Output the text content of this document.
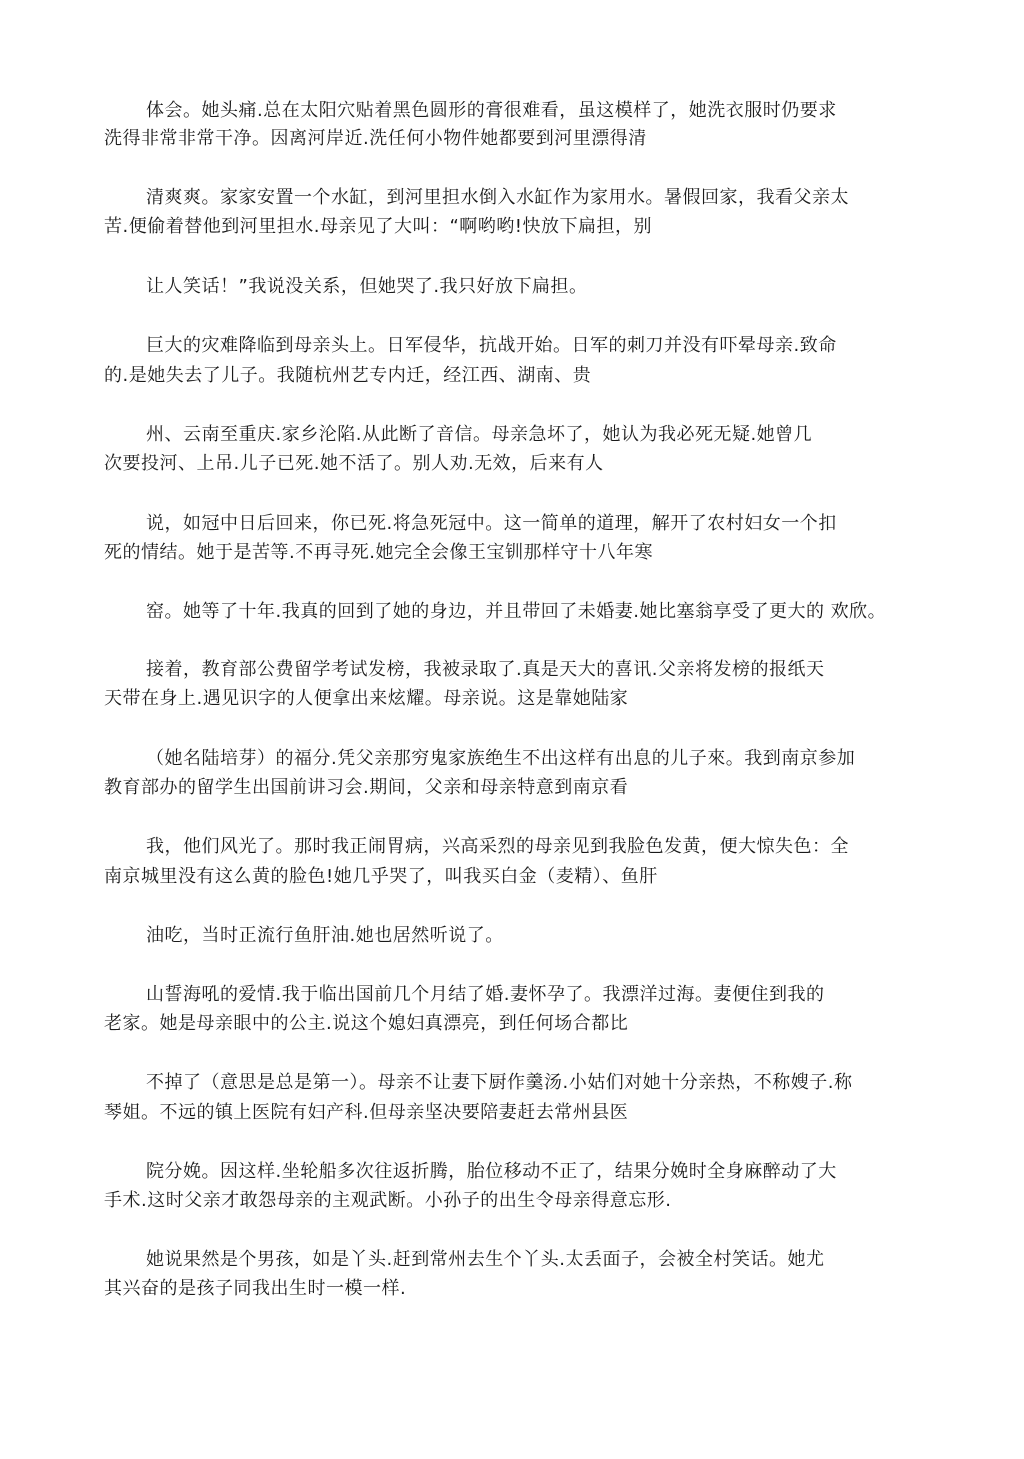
体会。她头痛.总在太阳穴贴着黑色圆形的膏很难看，虽这模样了，她洗衣服时仍要求
洗得非常非常干净。因离河岸近.洗任何小物件她都要到河里漂得清
清爽爽。家家安置一个水缸，到河里担水倒入水缸作为家用水。暑假回家，我看父亲太
苦.便偷着替他到河里担水.母亲见了大叫：“啊哟哟!快放下扁担，别
让人笑话！”我说没关系，但她哭了.我只好放下扁担。
巨大的灾难降临到母亲头上。日军侵华，抗战开始。日军的刺刀并没有吓晕母亲.致命
的.是她失去了儿子。我随杭州艺专内迁，经江西、湖南、贵
州、云南至重庆.家乡沦陷.从此断了音信。母亲急坏了，她认为我必死无疑.她曾几
次要投河、上吊.儿子已死.她不活了。别人劝.无效，后来有人
说，如冠中日后回来，你已死.将急死冠中。这一简单的道理，解开了农村妇女一个扣
死的情结。她于是苦等.不再寻死.她完全会像王宝钏那样守十八年寒
窑。她等了十年.我真的回到了她的身边，并且带回了未婚妻.她比塞翁享受了更大的 欢欣。
接着，教育部公费留学考试发榜，我被录取了.真是天大的喜讯.父亲将发榜的报纸天
天带在身上.遇见识字的人便拿出来炫耀。母亲说。这是靠她陆家
（她名陆培芽）的福分.凭父亲那穷鬼家族绝生不出这样有出息的儿子來。我到南京参加
教育部办的留学生出国前讲习会.期间，父亲和母亲特意到南京看
我，他们风光了。那时我正闹胃病，兴高采烈的母亲见到我脸色发黄，便大惊失色：全
南京城里没有这么黄的脸色!她几乎哭了，叫我买白金（麦精）、鱼肝
油吃，当时正流行鱼肝油.她也居然听说了。
山誓海吼的爱情.我于临出国前几个月结了婚.妻怀孕了。我漂洋过海。妻便住到我的
老家。她是母亲眼中的公主.说这个媳妇真漂亮，到任何场合都比
不掉了（意思是总是第一）。母亲不让妻下厨作羹汤.小姑们对她十分亲热，不称嫂子.称
琴姐。不远的镇上医院有妇产科.但母亲坚决要陪妻赶去常州县医
院分娩。因这样.坐轮船多次往返折腾，胎位移动不正了，结果分娩时全身麻醉动了大
手术.这时父亲才敢怨母亲的主观武断。小孙子的出生令母亲得意忘形.
她说果然是个男孩，如是丫头.赶到常州去生个丫头.太丢面子，会被全村笑话。她尤
其兴奋的是孩子同我出生时一模一样.
